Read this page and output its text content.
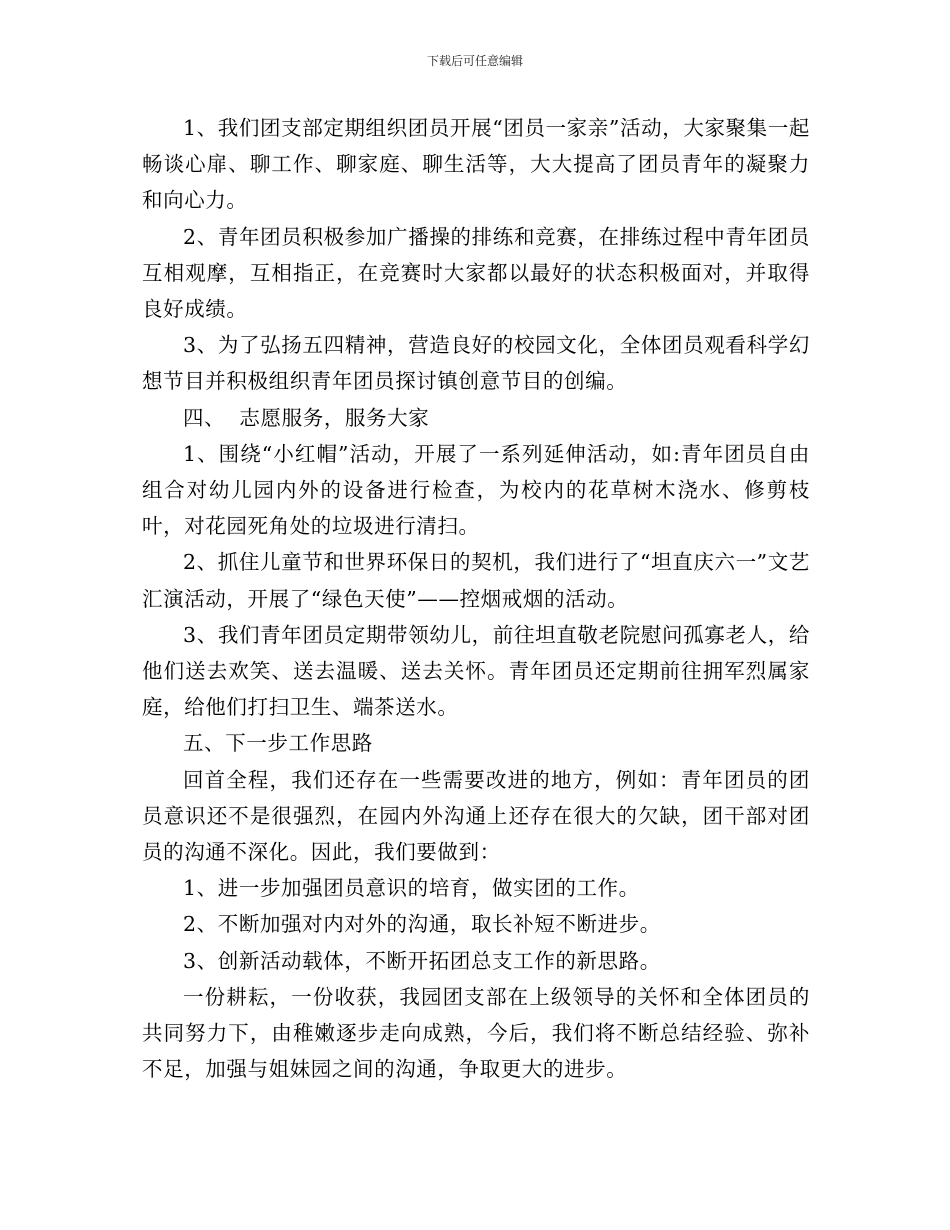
下载后可任意编辑

1、我们团支部定期组织团员开展“团员一家亲”活动，大家聚集一起畅谈心扉、聊工作、聊家庭、聊生活等，大大提高了团员青年的凝聚力和向心力。

2、青年团员积极参加广播操的排练和竞赛，在排练过程中青年团员互相观摩，互相指正，在竞赛时大家都以最好的状态积极面对，并取得良好成绩。

3、为了弘扬五四精神，营造良好的校园文化，全体团员观看科学幻想节目并积极组织青年团员探讨镇创意节目的创编。

四、  志愿服务，服务大家

1、围绕“小红帽”活动，开展了一系列延伸活动，如:青年团员自由组合对幼儿园内外的设备进行检查，为校内的花草树木浇水、修剪枝叶，对花园死角处的垃圾进行清扫。

2、抓住儿童节和世界环保日的契机，我们进行了“坦直庆六一”文艺汇演活动，开展了“绿色天使”——控烟戒烟的活动。

3、我们青年团员定期带领幼儿，前往坦直敬老院慰问孤寡老人，给他们送去欢笑、送去温暖、送去关怀。青年团员还定期前往拥军烈属家庭，给他们打扫卫生、端茶送水。

五、下一步工作思路

回首全程，我们还存在一些需要改进的地方，例如：青年团员的团员意识还不是很强烈，在园内外沟通上还存在很大的欠缺，团干部对团员的沟通不深化。因此，我们要做到：

1、进一步加强团员意识的培育，做实团的工作。

2、不断加强对内对外的沟通，取长补短不断进步。

3、创新活动载体，不断开拓团总支工作的新思路。

一份耕耘，一份收获，我园团支部在上级领导的关怀和全体团员的共同努力下，由稚嫩逐步走向成熟，今后，我们将不断总结经验、弥补不足，加强与姐妹园之间的沟通，争取更大的进步。
